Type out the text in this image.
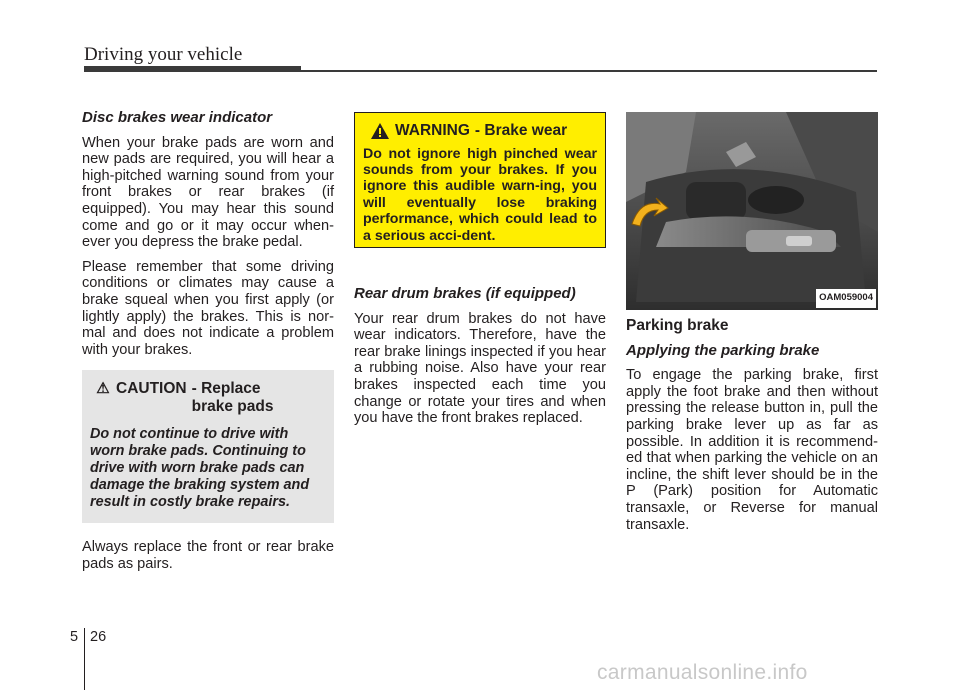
Driving your vehicle
Disc brakes wear indicator

When your brake pads are worn and new pads are required, you will hear a high-pitched warning sound from your front brakes or rear brakes (if equipped). You may hear this sound come and go or it may occur when-ever you depress the brake pedal.

Please remember that some driving conditions or climates may cause a brake squeal when you first apply (or lightly apply) the brakes. This is nor-mal and does not indicate a problem with your brakes.

⚠ CAUTION - Replace brake pads
Do not continue to drive with worn brake pads. Continuing to drive with worn brake pads can damage the braking system and result in costly brake repairs.

Always replace the front or rear brake pads as pairs.

WARNING - Brake wear
Do not ignore high pinched wear sounds from your brakes. If you ignore this audible warn-ing, you will eventually lose braking performance, which could lead to a serious acci-dent.
Rear drum brakes (if equipped)

Your rear drum brakes do not have wear indicators. Therefore, have the rear brake linings inspected if you hear a rubbing noise. Also have your rear brakes inspected each time you change or rotate your tires and when you have the front brakes replaced.

OAM059004
Parking brake
Applying the parking brake

To engage the parking brake, first apply the foot brake and then without pressing the release button in, pull the parking brake lever up as far as possible. In addition it is recommend-ed that when parking the vehicle on an incline, the shift lever should be in the P (Park) position for Automatic transaxle, or Reverse for manual transaxle.

5 26
carmanualsonline.info
